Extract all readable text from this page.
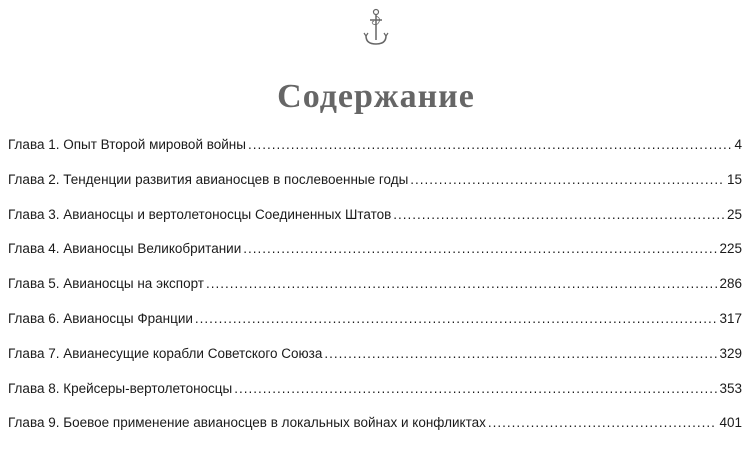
Содержание
Глава 1. Опыт Второй мировой войны .....	4
Глава 2. Тенденции развития авианосцев в послевоенные годы .....	15
Глава 3. Авианосцы и вертолетоносцы Соединенных Штатов .....	25
Глава 4. Авианосцы Великобритании .....	225
Глава 5. Авианосцы на экспорт .....	286
Глава 6. Авианосцы Франции .....	317
Глава 7. Авианесущие корабли Советского Союза .....	329
Глава 8. Крейсеры-вертолетоносцы .....	353
Глава 9. Боевое применение авианосцев в локальных войнах и конфликтах .....	401
